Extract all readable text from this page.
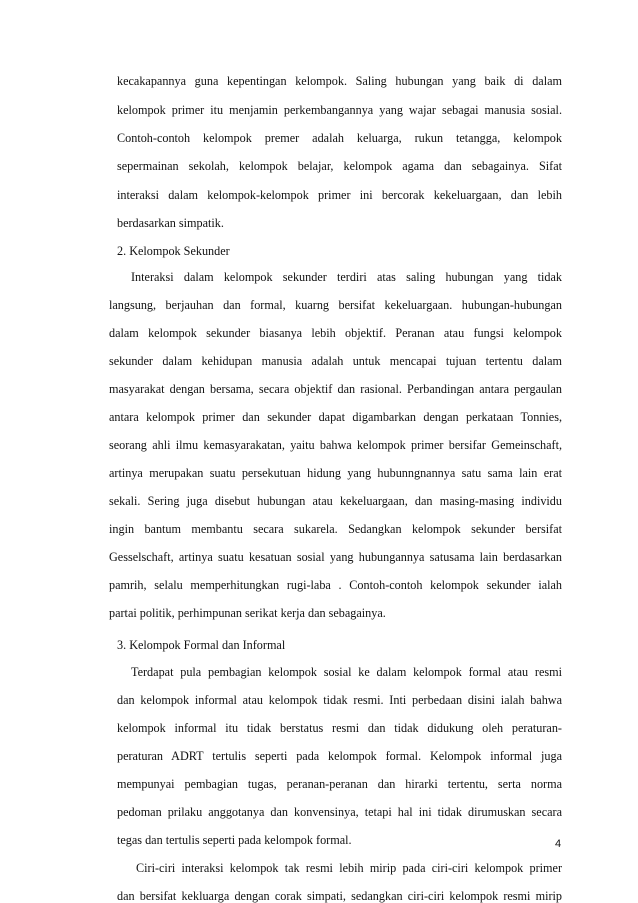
kecakapannya guna kepentingan kelompok. Saling hubungan yang baik di dalam
kelompok primer itu menjamin perkembangannya yang wajar sebagai manusia sosial.
Contoh-contoh kelompok premer adalah keluarga, rukun tetangga, kelompok
sepermainan sekolah, kelompok belajar, kelompok agama dan sebagainya. Sifat
interaksi dalam kelompok-kelompok primer ini bercorak kekeluargaan, dan lebih
berdasarkan simpatik.
2. Kelompok Sekunder
Interaksi dalam kelompok sekunder terdiri atas saling hubungan yang tidak
langsung, berjauhan dan formal, kuarng bersifat kekeluargaan. hubungan-hubungan
dalam kelompok sekunder biasanya lebih objektif. Peranan atau fungsi kelompok
sekunder dalam kehidupan manusia adalah untuk mencapai tujuan tertentu dalam
masyarakat dengan bersama, secara objektif dan rasional. Perbandingan antara pergaulan
antara kelompok primer dan sekunder dapat digambarkan dengan perkataan Tonnies,
seorang ahli ilmu kemasyarakatan, yaitu bahwa kelompok primer bersifar Gemeinschaft,
artinya merupakan suatu persekutuan hidung yang hubunngnannya satu sama lain erat
sekali. Sering juga disebut hubungan atau kekeluargaan, dan masing-masing individu
ingin bantum membantu secara sukarela. Sedangkan kelompok sekunder bersifat
Gesselschaft, artinya suatu kesatuan sosial yang hubungannya satusama lain berdasarkan
pamrih, selalu memperhitungkan rugi-laba . Contoh-contoh kelompok sekunder ialah
partai politik, perhimpunan serikat kerja dan sebagainya.
3. Kelompok Formal dan Informal
Terdapat pula pembagian kelompok sosial ke dalam kelompok formal atau resmi
dan kelompok informal atau kelompok tidak resmi. Inti perbedaan disini ialah bahwa
kelompok informal itu tidak berstatus resmi dan tidak didukung oleh peraturan-
peraturan ADRT tertulis seperti pada kelompok formal. Kelompok informal juga
mempunyai pembagian tugas, peranan-peranan dan hirarki tertentu, serta norma
pedoman prilaku anggotanya dan konvensinya, tetapi hal ini tidak dirumuskan secara
tegas dan tertulis seperti pada kelompok formal.
Ciri-ciri interaksi kelompok tak resmi lebih mirip pada ciri-ciri kelompok primer
dan bersifat kekluarga dengan corak simpati, sedangkan ciri-ciri kelompok resmi mirip
4
